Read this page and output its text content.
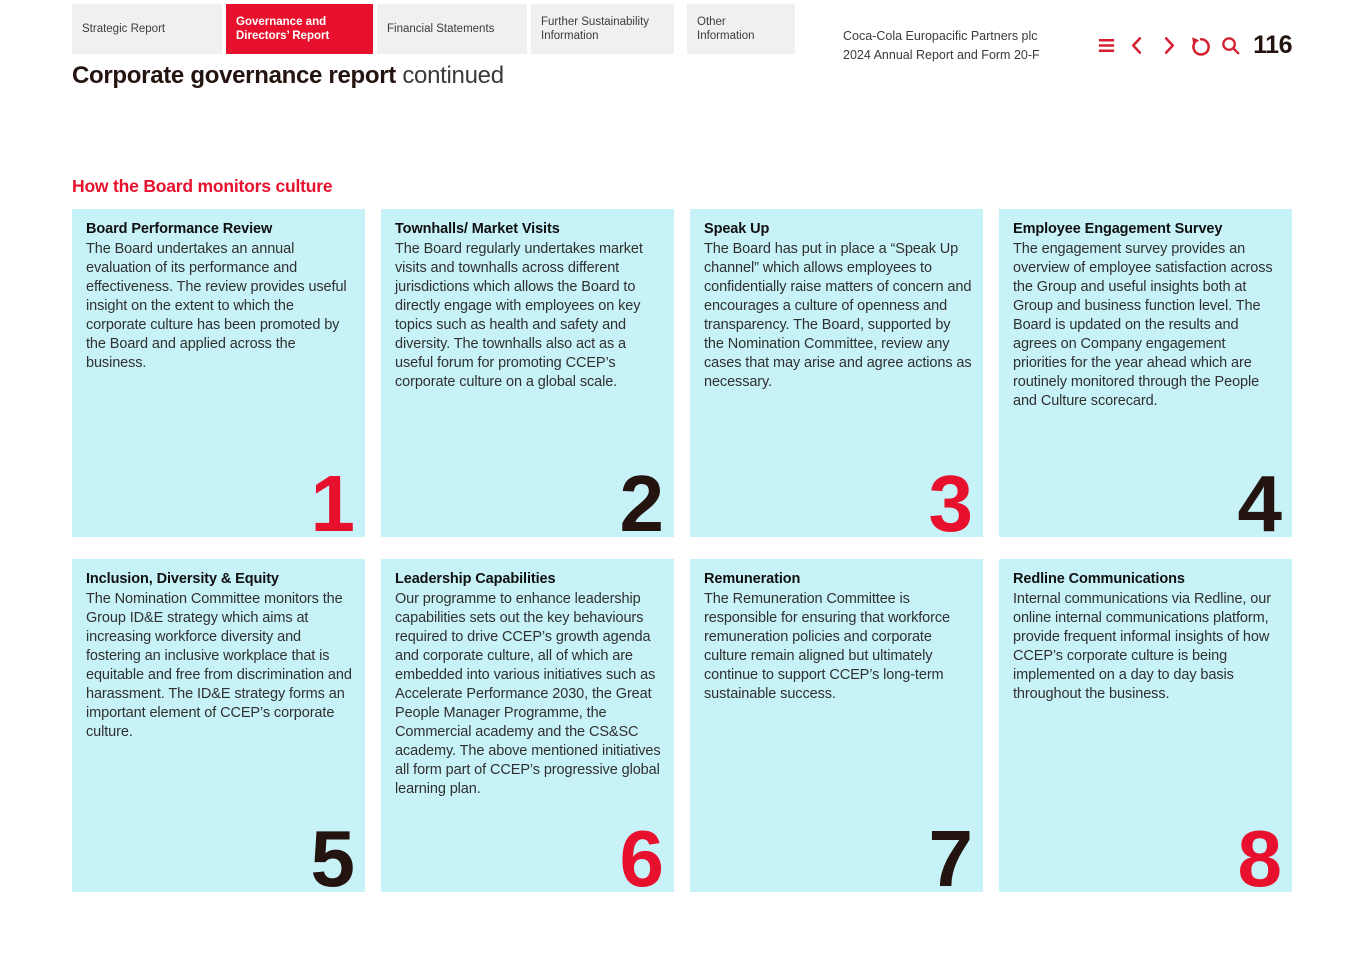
Strategic Report
Governance and Directors’ Report
Financial Statements
Further Sustainability Information
Other Information	Coca-Cola Europacific Partners plc
2024 Annual Report and Form 20-F	116
Corporate governance report continued
How the Board monitors culture
Board Performance Review
The Board undertakes an annual evaluation of its performance and effectiveness. The review provides useful insight on the extent to which the corporate culture has been promoted by the Board and applied across the business.
1
Townhalls/ Market Visits
The Board regularly undertakes market visits and townhalls across different jurisdictions which allows the Board to directly engage with employees on key topics such as health and safety and diversity. The townhalls also act as a useful forum for promoting CCEP’s corporate culture on a global scale.
2
Speak Up
The Board has put in place a “Speak Up channel” which allows employees to confidentially raise matters of concern and encourages a culture of openness and transparency. The Board, supported by the Nomination Committee, review any cases that may arise and agree actions as necessary.
3
Employee Engagement Survey
The engagement survey provides an overview of employee satisfaction across the Group and useful insights both at Group and business function level. The Board is updated on the results and agrees on Company engagement priorities for the year ahead which are routinely monitored through the People and Culture scorecard.
4
Inclusion, Diversity & Equity
The Nomination Committee monitors the Group ID&E strategy which aims at increasing workforce diversity and fostering an inclusive workplace that is equitable and free from discrimination and harassment. The ID&E strategy forms an important element of CCEP’s corporate culture.
5
Leadership Capabilities
Our programme to enhance leadership capabilities sets out the key behaviours required to drive CCEP’s growth agenda and corporate culture, all of which are embedded into various initiatives such as Accelerate Performance 2030, the Great People Manager Programme, the Commercial academy and the CS&SC academy. The above mentioned initiatives all form part of CCEP’s progressive global learning plan.
6
Remuneration
The Remuneration Committee is responsible for ensuring that workforce remuneration policies and corporate culture remain aligned but ultimately continue to support CCEP’s long-term sustainable success.
7
Redline Communications
Internal communications via Redline, our online internal communications platform, provide frequent informal insights of how CCEP’s corporate culture is being implemented on a day to day basis throughout the business.
8
